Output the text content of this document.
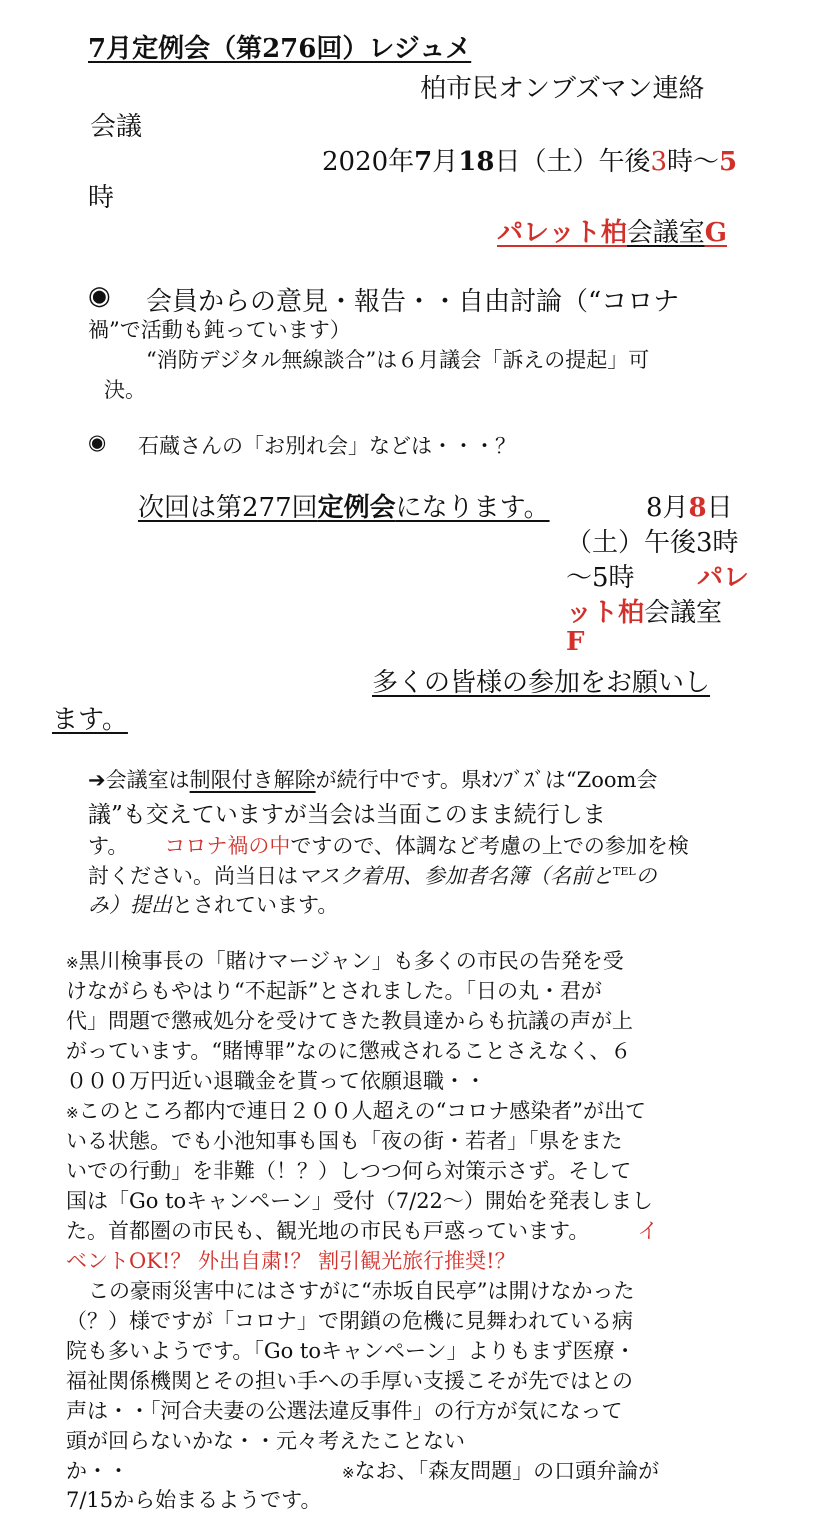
7月定例会（第276回）レジュメ
柏市民オンブズマン連絡
会議
2020年7月18日（土）午後3時～5
時
パレット柏会議室G
◉ 会員からの意見・報告・・自由討論（“コロナ
禍”で活動も鈍っています）
“消防デジタル無線談合”は６月議会「訴えの提起」可
決。
◉ 石蔵さんの「お別れ会」などは・・・？
次回は第277回定例会になります。	8月8日
（土）午後3時
～5時 パレ
ット柏会議室
F
多くの皆様の参加をお願いし
ます。
➔会議室は制限付き解除が続行中です。県ｵﾝﾌﾞｽﾞは“Zoom会
議”も交えていますが当会は当面このまま続行しま
す。 コロナ禍の中ですので、体調など考慮の上での参加を検
討ください。尚当日はマスク着用、参加者名簿（名前と$^{TEL}$の
み）提出とされています。
※黒川検事長の「賭けマージャン」も多くの市民の告発を受
けながらもやはり“不起訴”とされました。「日の丸・君が
代」問題で懲戒処分を受けてきた教員達からも抗議の声が上
がっています。“賭博罪”なのに懲戒されることさえなく、６
０００万円近い退職金を貰って依願退職・・
※このところ都内で連日２００人超えの“コロナ感染者”が出て
いる状態。でも小池知事も国も「夜の街・若者」「県をまた
いでの行動」を非難（！？）しつつ何ら対策示さず。そして
国は「Go toキャンペーン」受付（7/22～）開始を発表しまし
た。首都圏の市民も、観光地の市民も戸惑っています。 イ
ベントOK!？ 外出自粛!？ 割引観光旅行推奨!？
この豪雨災害中にはさすがに“赤坂自民亭”は開けなかった
（？）様ですが「コロナ」で閉鎖の危機に見舞われている病
院も多いようです。「Go toキャンペーン」よりもまず医療・
福祉関係機関とその担い手への手厚い支援こそが先ではとの
声は・・「河合夫妻の公選法違反事件」の行方が気になって
頭が回らないかな・・元々考えたことない
か・・	※なお、「森友問題」の口頭弁論が
7/15から始まるようです。
